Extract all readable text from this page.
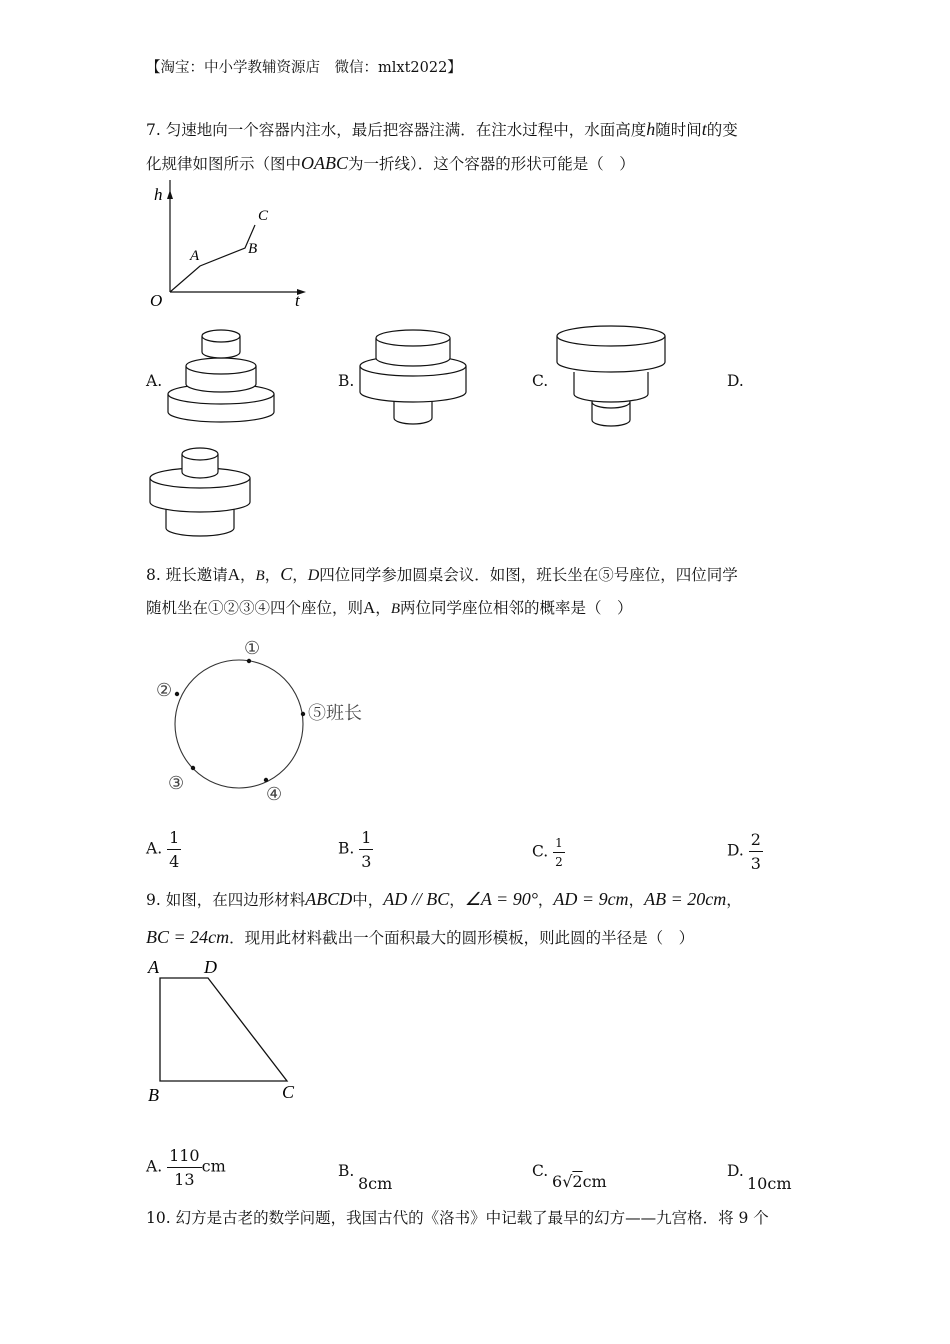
【淘宝：中小学教辅资源店　微信：mlxt2022】
7. 匀速地向一个容器内注水，最后把容器注满．在注水过程中，水面高度h随时间t的变
化规律如图所示（图中OABC为一折线）．这个容器的形状可能是（　）
h
t
O
A	B
C
A.	B.	C.	D.
8. 班长邀请A，B，C，D四位同学参加圆桌会议．如图，班长坐在⑤号座位，四位同学
随机坐在①②③④四个座位，则A，B两位同学座位相邻的概率是（　）
①
②
③
④
⑤班长
A. $\frac{1}{4}$	B. $\frac{1}{3}$	C. $\frac{1}{2}$	D. $\frac{2}{3}$
9. 如图，在四边形材料ABCD中，AD // BC，∠A = 90°，AD = 9cm，AB = 20cm，
BC = 24cm．现用此材料截出一个面积最大的圆形模板，则此圆的半径是（　）
A	D
B	C
A. $\frac{110}{13}$ cm	B.
8cm
C.
6√2cm
D.
10cm
10. 幻方是古老的数学问题，我国古代的《洛书》中记载了最早的幻方——九宫格．将 9 个
